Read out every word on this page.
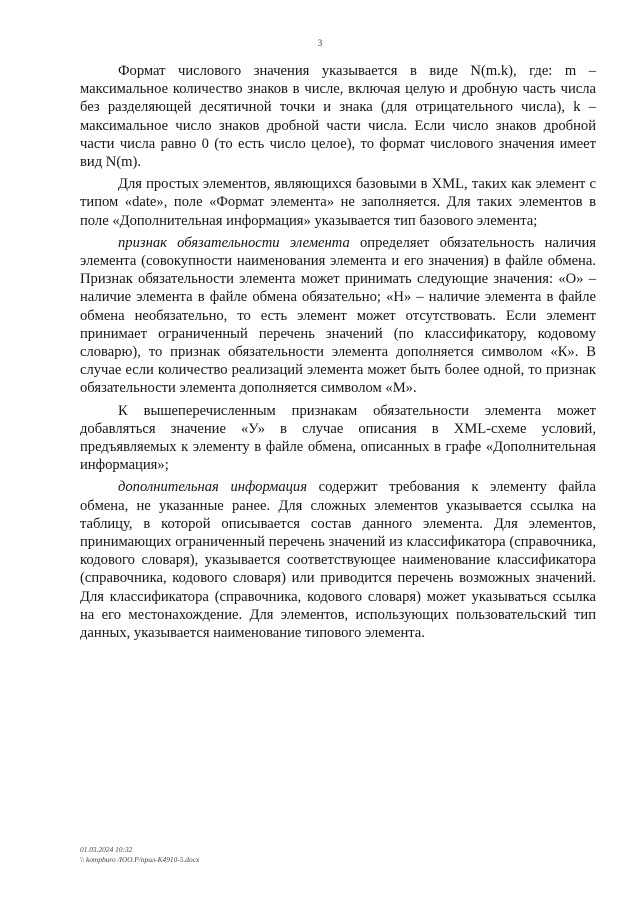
3

Формат числового значения указывается в виде N(m.k), где: m – максимальное количество знаков в числе, включая целую и дробную часть числа без разделяющей десятичной точки и знака (для отрицательного числа), k – максимальное число знаков дробной части числа. Если число знаков дробной части числа равно 0 (то есть число целое), то формат числового значения имеет вид N(m).

Для простых элементов, являющихся базовыми в XML, таких как элемент с типом «date», поле «Формат элемента» не заполняется. Для таких элементов в поле «Дополнительная информация» указывается тип базового элемента;

признак обязательности элемента определяет обязательность наличия элемента (совокупности наименования элемента и его значения) в файле обмена. Признак обязательности элемента может принимать следующие значения: «О» – наличие элемента в файле обмена обязательно; «Н» – наличие элемента в файле обмена необязательно, то есть элемент может отсутствовать. Если элемент принимает ограниченный перечень значений (по классификатору, кодовому словарю), то признак обязательности элемента дополняется символом «К». В случае если количество реализаций элемента может быть более одной, то признак обязательности элемента дополняется символом «М».

К вышеперечисленным признакам обязательности элемента может добавляться значение «У» в случае описания в XML-схеме условий, предъявляемых к элементу в файле обмена, описанных в графе «Дополнительная информация»;

дополнительная информация содержит требования к элементу файла обмена, не указанные ранее. Для сложных элементов указывается ссылка на таблицу, в которой описывается состав данного элемента. Для элементов, принимающих ограниченный перечень значений из классификатора (справочника, кодового словаря), указывается соответствующее наименование классификатора (справочника, кодового словаря) или приводится перечень возможных значений. Для классификатора (справочника, кодового словаря) может указываться ссылка на его местонахождение. Для элементов, использующих пользовательский тип данных, указывается наименование типового элемента.

01.03.2024 10:32
\\ kompburo /ЮО.Р/прил-К4910-5.docx
